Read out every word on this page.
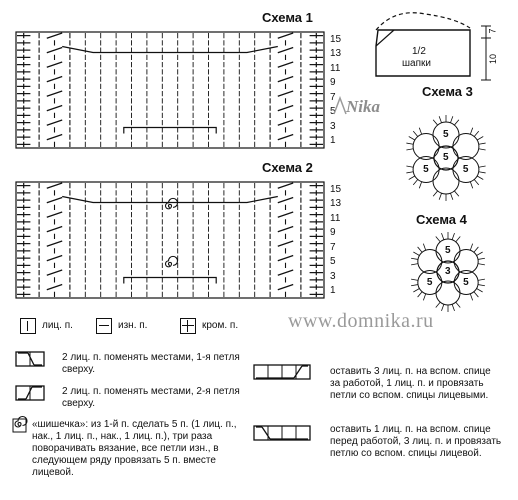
Схема 1
15
13
11
9
7
5
3
1
Схема 2
15
13
11
9
7
5
3
1
1/2
шапки
7
10
Nika
Схема 3
Схема 4
5
5
5
5
5
5
5
3
www.domnika.ru
лиц. п.	изн. п.	кром. п.
2 лиц. п. поменять местами, 1-я петля сверху.
2 лиц. п. поменять местами, 2-я петля сверху.
«шишечка»: из 1-й п. сделать 5 п. (1 лиц. п., нак., 1 лиц. п., нак., 1 лиц. п.), три раза поворачивать вязание, все петли изн., в следующем ряду провязать 5 п. вместе лицевой.
оставить 3 лиц. п. на вспом. спице за работой, 1 лиц. п. и провязать петли со вспом. спицы лицевыми.
оставить 1 лиц. п. на вспом. спице перед работой, 3 лиц. п. и провязать петлю со вспом. спицы лицевой.
